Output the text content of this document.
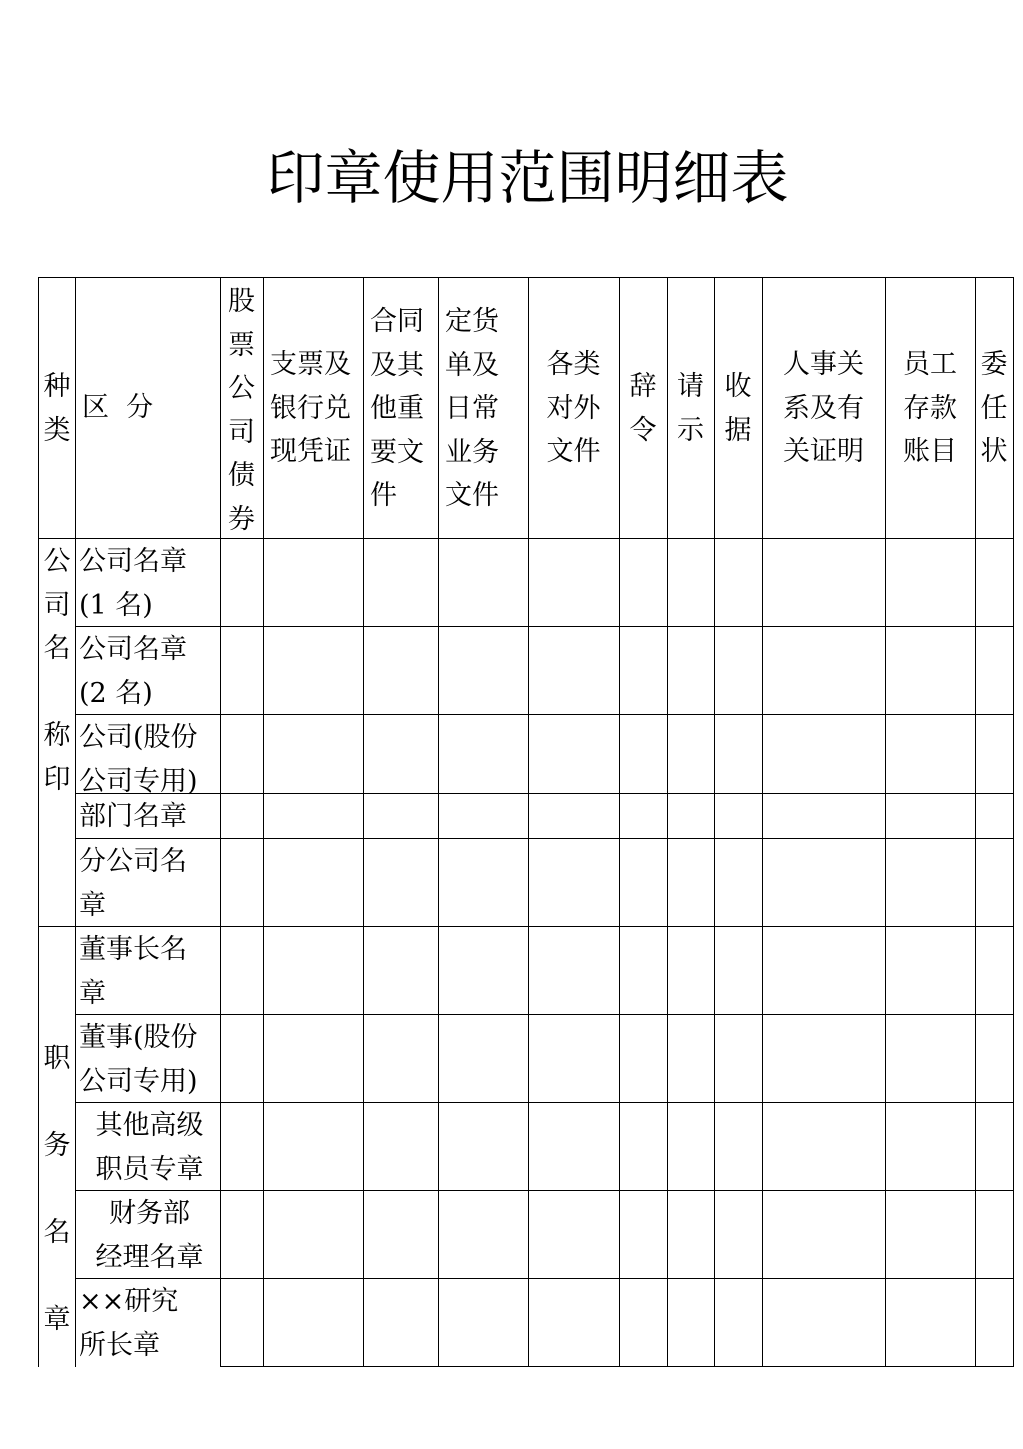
印章使用范围明细表
种
类
区  分
股
票
公
司
债
券
支票及
银行兑
现凭证
合同
及其
他重
要文
件
定货
单及
日常
业务
文件
各类
对外
文件
辞
令
请
示
收
据
人事关
系及有
关证明
员工
存款
账目
委
任
状
公
司
名

称
印
职

务

名

章
公司名章
(1 名)
公司名章
(2 名)
公司(股份
公司专用)
部门名章
分公司名
章
董事长名
章
董事(股份
公司专用)
其他高级
职员专章
财务部
经理名章
××研究
所长章
